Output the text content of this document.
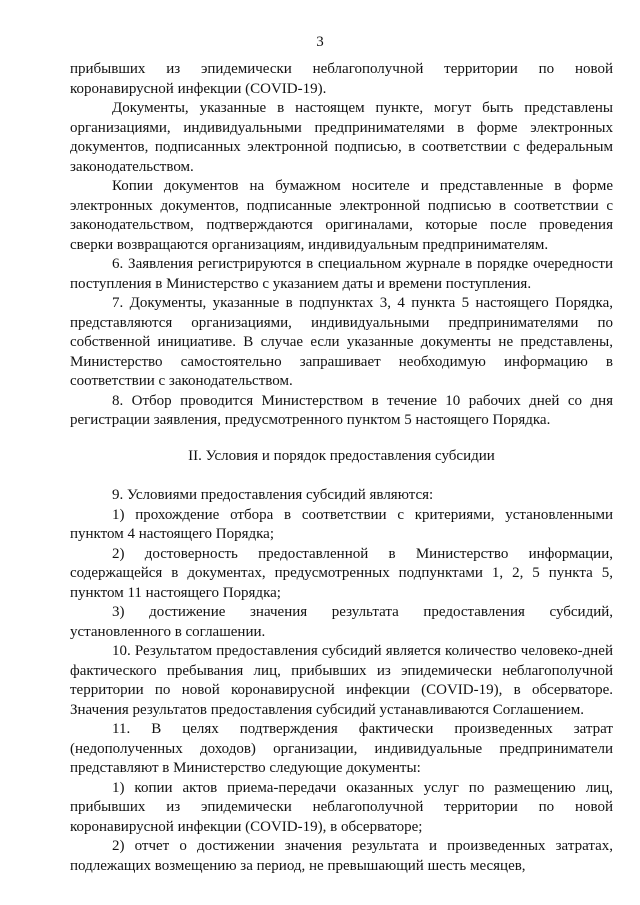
3

прибывших из эпидемически неблагополучной территории по новой коронавирусной инфекции (COVID-19).

Документы, указанные в настоящем пункте, могут быть представлены организациями, индивидуальными предпринимателями в форме электронных документов, подписанных электронной подписью, в соответствии с федеральным законодательством.

Копии документов на бумажном носителе и представленные в форме электронных документов, подписанные электронной подписью в соответствии с законодательством, подтверждаются оригиналами, которые после проведения сверки возвращаются организациям, индивидуальным предпринимателям.

6. Заявления регистрируются в специальном журнале в порядке очередности поступления в Министерство с указанием даты и времени поступления.

7. Документы, указанные в подпунктах 3, 4 пункта 5 настоящего Порядка, представляются организациями, индивидуальными предпринимателями по собственной инициативе. В случае если указанные документы не представлены, Министерство самостоятельно запрашивает необходимую информацию в соответствии с законодательством.

8. Отбор проводится Министерством в течение 10 рабочих дней со дня регистрации заявления, предусмотренного пунктом 5 настоящего Порядка.

II. Условия и порядок предоставления субсидии

9. Условиями предоставления субсидий являются:

1) прохождение отбора в соответствии с критериями, установленными пунктом 4 настоящего Порядка;

2) достоверность предоставленной в Министерство информации, содержащейся в документах, предусмотренных подпунктами 1, 2, 5 пункта 5, пунктом 11 настоящего Порядка;

3) достижение значения результата предоставления субсидий, установленного в соглашении.

10. Результатом предоставления субсидий является количество человеко-дней фактического пребывания лиц, прибывших из эпидемически неблагополучной территории по новой коронавирусной инфекции (COVID-19), в обсерваторе. Значения результатов предоставления субсидий устанавливаются Соглашением.

11. В целях подтверждения фактически произведенных затрат (недополученных доходов) организации, индивидуальные предприниматели представляют в Министерство следующие документы:

1) копии актов приема-передачи оказанных услуг по размещению лиц, прибывших из эпидемически неблагополучной территории по новой коронавирусной инфекции (COVID-19), в обсерваторе;

2) отчет о достижении значения результата и произведенных затратах, подлежащих возмещению за период, не превышающий шесть месяцев,
